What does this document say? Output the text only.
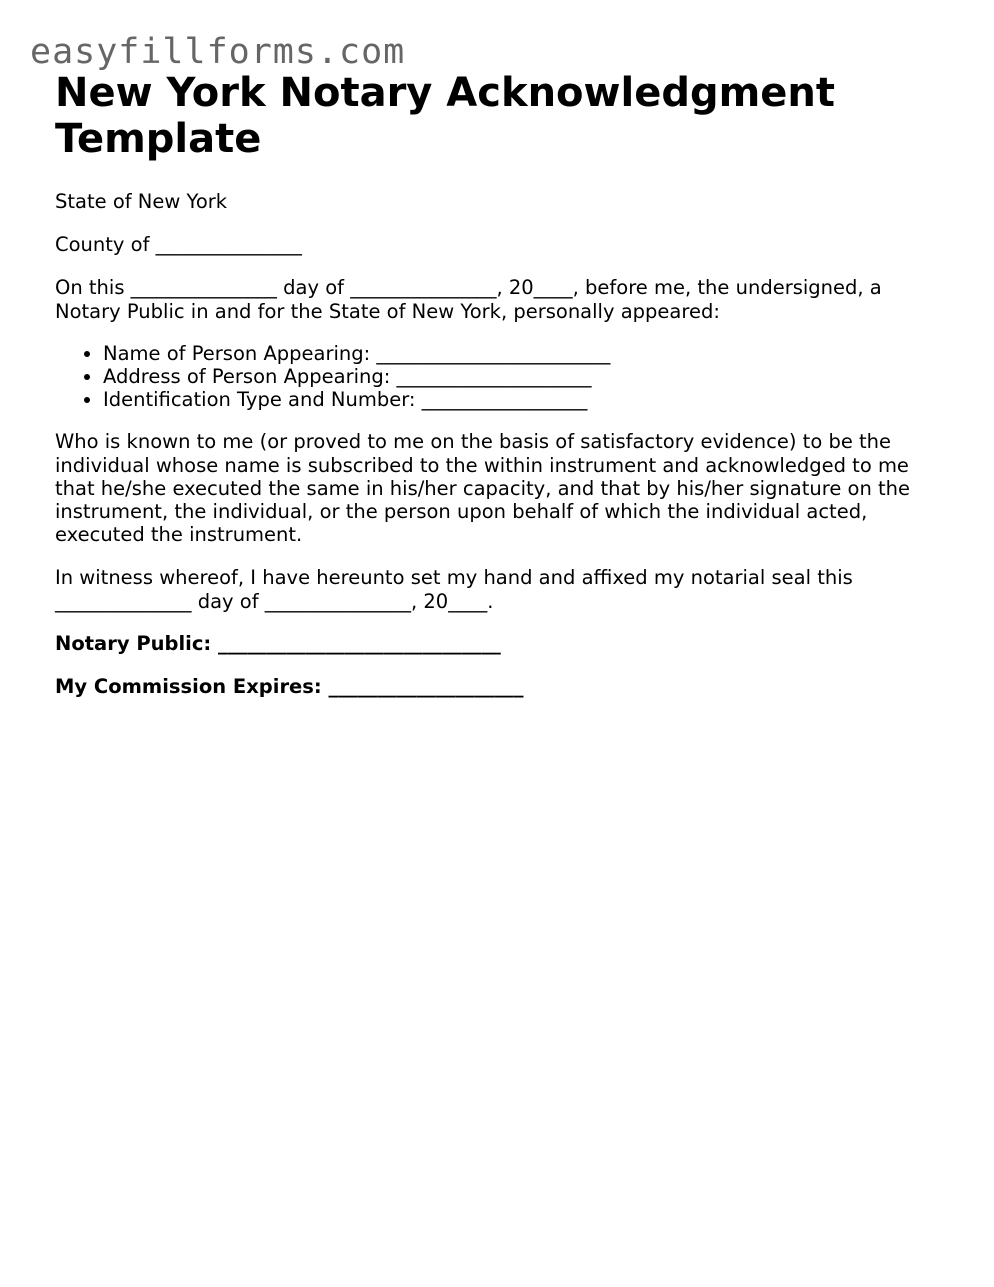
easyfillforms.com
New York Notary Acknowledgment Template

State of New York

County of _______________

On this _______________ day of _______________, 20____, before me, the undersigned, a Notary Public in and for the State of New York, personally appeared:

• Name of Person Appearing: ________________________
• Address of Person Appearing: ____________________
• Identification Type and Number: _________________

Who is known to me (or proved to me on the basis of satisfactory evidence) to be the individual whose name is subscribed to the within instrument and acknowledged to me that he/she executed the same in his/her capacity, and that by his/her signature on the instrument, the individual, or the person upon behalf of which the individual acted, executed the instrument.

In witness whereof, I have hereunto set my hand and affixed my notarial seal this ______________ day of _______________, 20____.

Notary Public: _____________________________

My Commission Expires: ____________________
